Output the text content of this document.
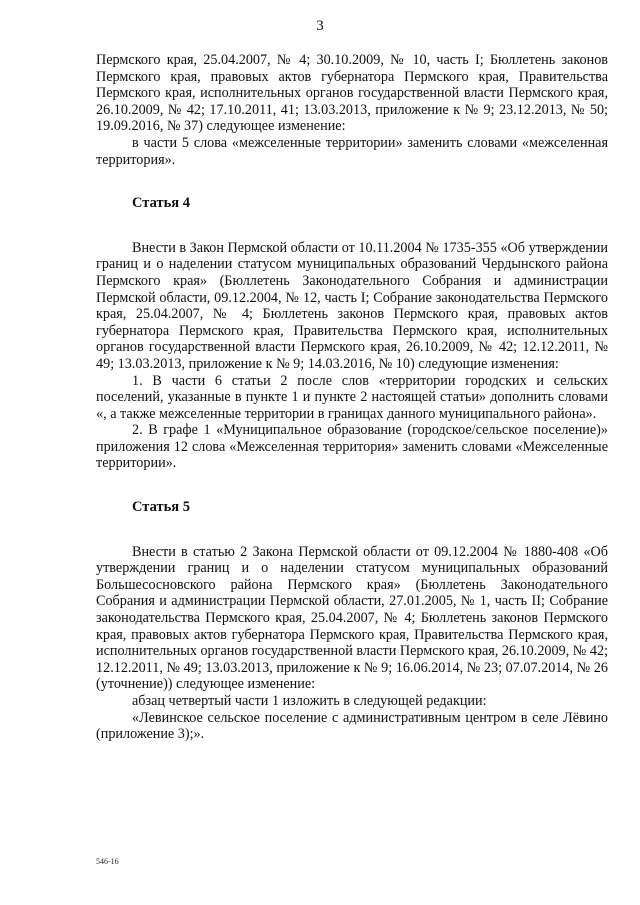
3

Пермского края, 25.04.2007, № 4; 30.10.2009, № 10, часть I; Бюллетень законов Пермского края, правовых актов губернатора Пермского края, Правительства Пермского края, исполнительных органов государственной власти Пермского края, 26.10.2009, № 42; 17.10.2011, 41; 13.03.2013, приложение к № 9; 23.12.2013, № 50; 19.09.2016, № 37) следующее изменение:

в части 5 слова «межселенные территории» заменить словами «межселенная территория».

Статья 4

Внести в Закон Пермской области от 10.11.2004 № 1735-355 «Об утверждении границ и о наделении статусом муниципальных образований Чердынского района Пермского края» (Бюллетень Законодательного Собрания и администрации Пермской области, 09.12.2004, № 12, часть I; Собрание законодательства Пермского края, 25.04.2007, № 4; Бюллетень законов Пермского края, правовых актов губернатора Пермского края, Правительства Пермского края, исполнительных органов государственной власти Пермского края, 26.10.2009, № 42; 12.12.2011, № 49; 13.03.2013, приложение к № 9; 14.03.2016, № 10) следующие изменения:

1. В части 6 статьи 2 после слов «территории городских и сельских поселений, указанные в пункте 1 и пункте 2 настоящей статьи» дополнить словами «, а также межселенные территории в границах данного муниципального района».

2. В графе 1 «Муниципальное образование (городское/сельское поселение)» приложения 12 слова «Межселенная территория» заменить словами «Межселенные территории».

Статья 5

Внести в статью 2 Закона Пермской области от 09.12.2004 № 1880-408 «Об утверждении границ и о наделении статусом муниципальных образований Большесосновского района Пермского края» (Бюллетень Законодательного Собрания и администрации Пермской области, 27.01.2005, № 1, часть II; Собрание законодательства Пермского края, 25.04.2007, № 4; Бюллетень законов Пермского края, правовых актов губернатора Пермского края, Правительства Пермского края, исполнительных органов государственной власти Пермского края, 26.10.2009, № 42; 12.12.2011, № 49; 13.03.2013, приложение к № 9; 16.06.2014, № 23; 07.07.2014, № 26 (уточнение)) следующее изменение:

абзац четвертый части 1 изложить в следующей редакции:

«Левинское сельское поселение с административным центром в селе Лёвино (приложение 3);».

546-16
